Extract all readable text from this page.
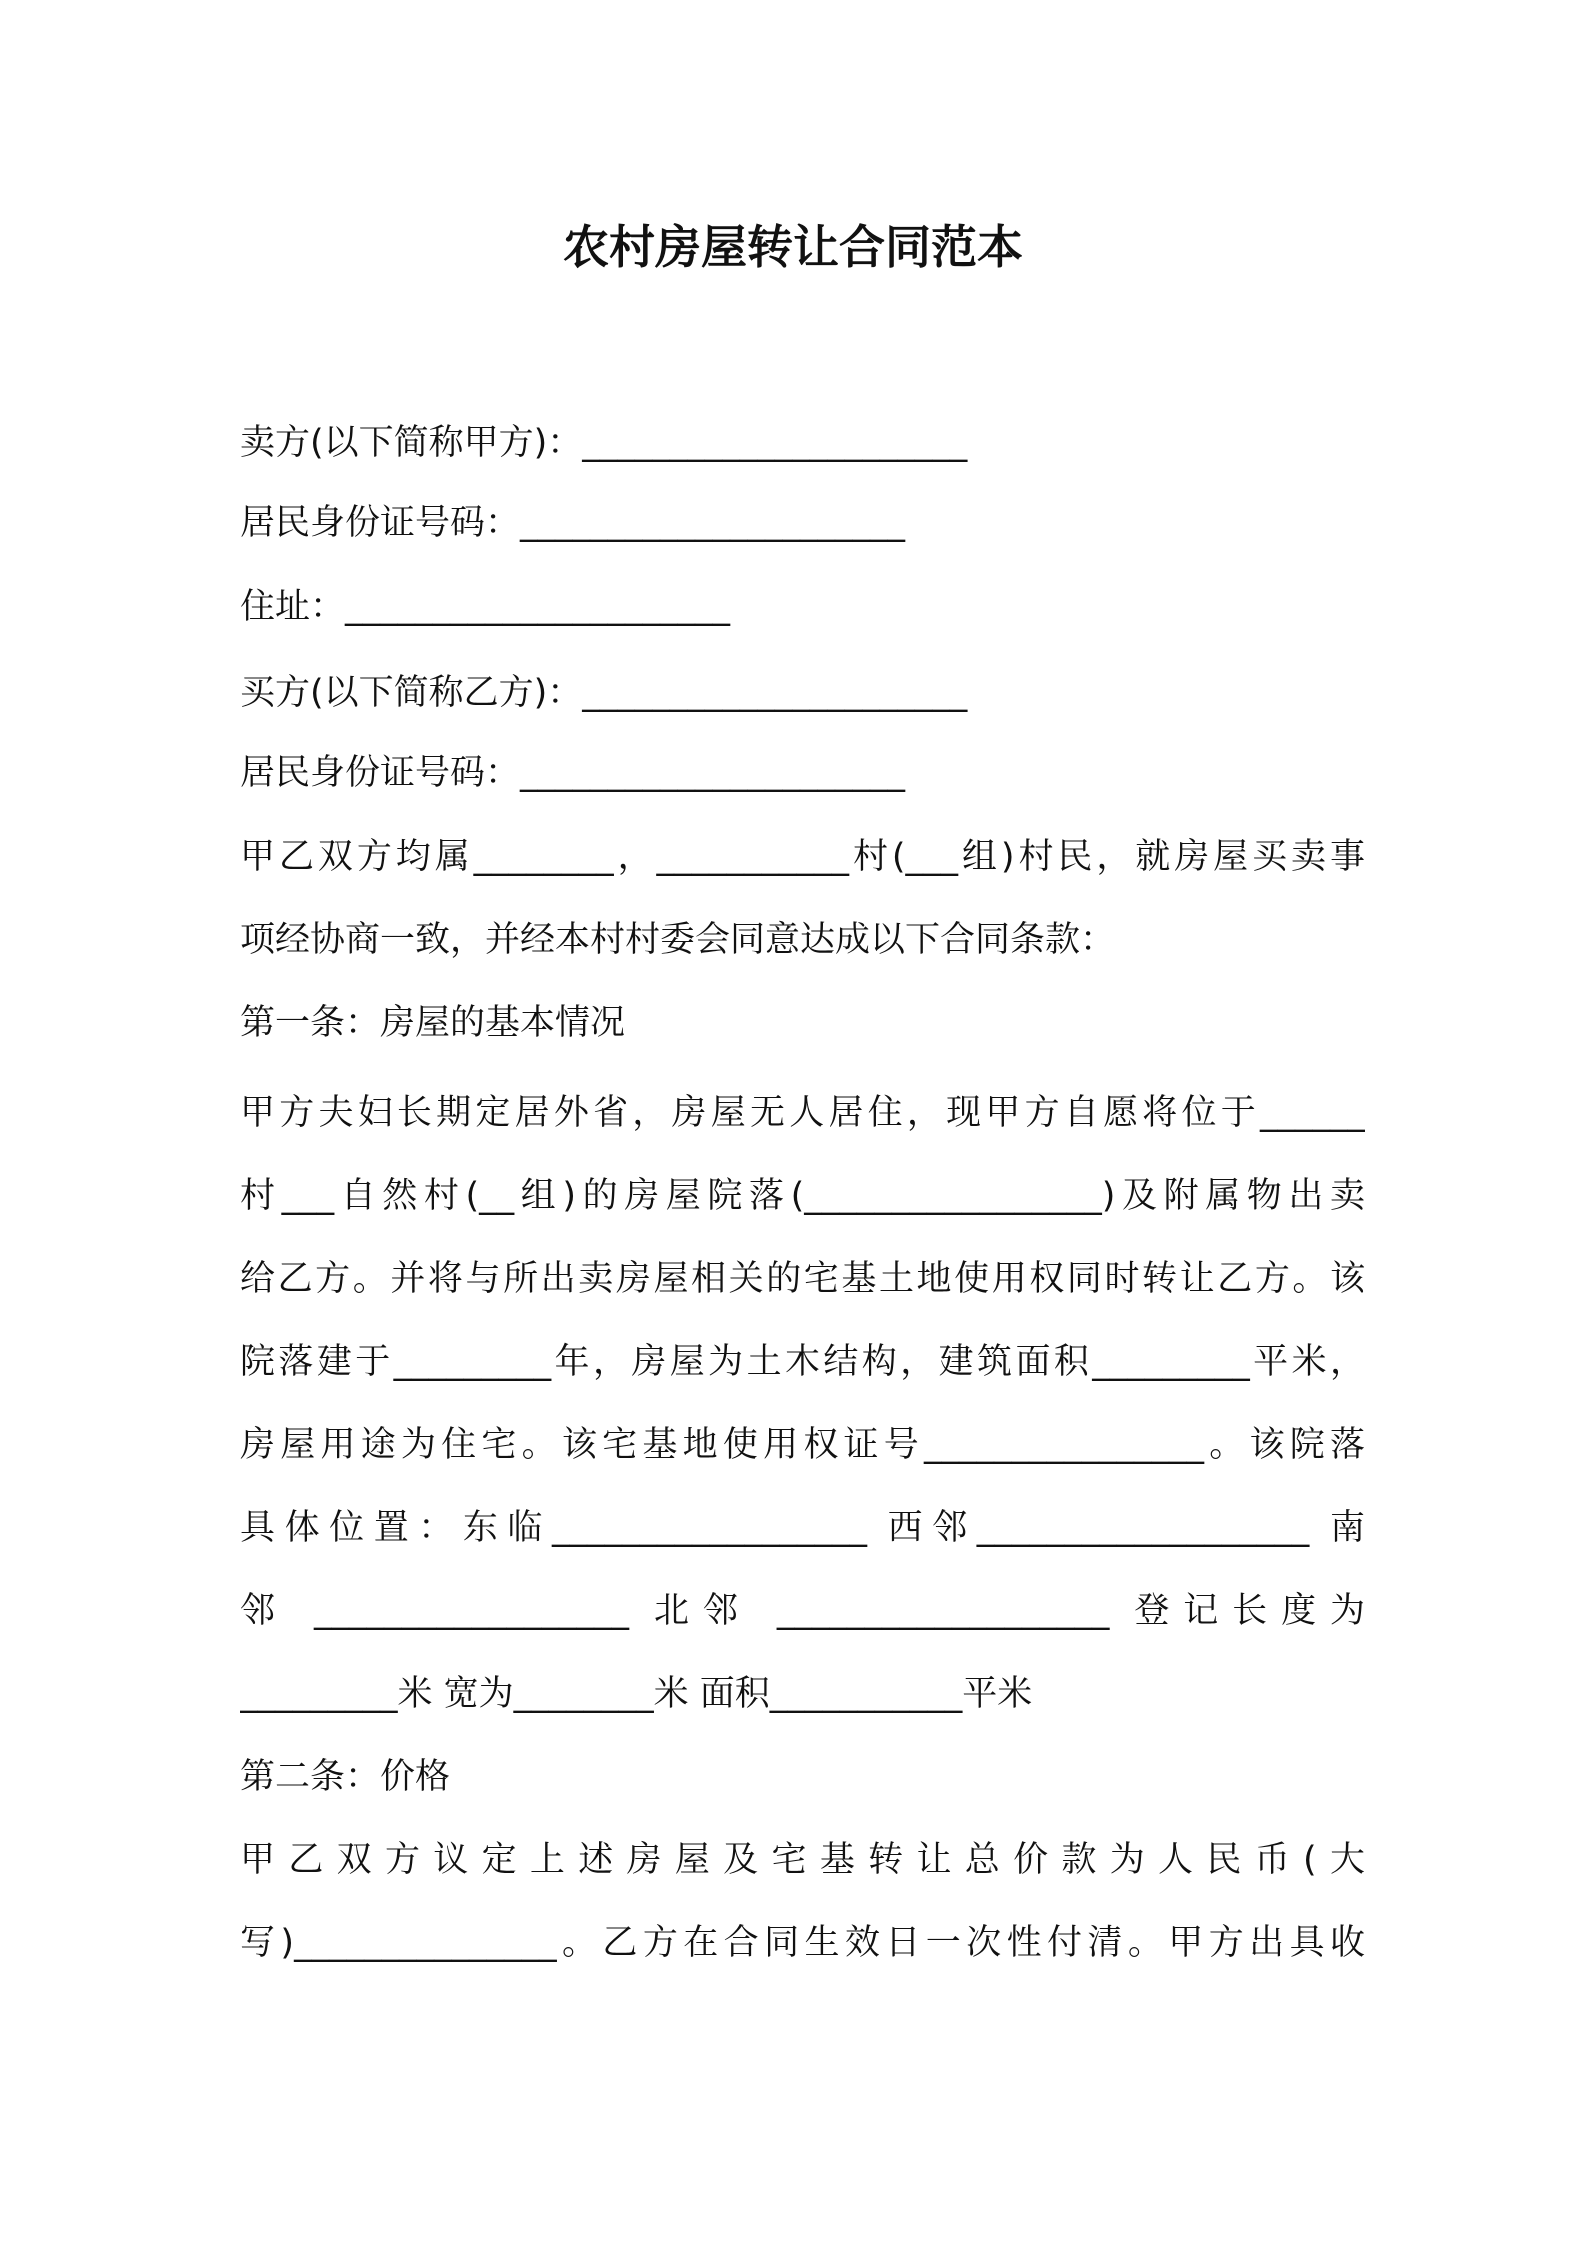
农村房屋转让合同范本
卖方(以下简称甲方)：______________________
居民身份证号码：______________________
住址：______________________
买方(以下简称乙方)：______________________
居民身份证号码：______________________
甲乙双方均属________，___________村(___组)村民，就房屋买卖事
项经协商一致，并经本村村委会同意达成以下合同条款：
第一条：房屋的基本情况
甲方夫妇长期定居外省，房屋无人居住，现甲方自愿将位于______
村___自然村(__组)的房屋院落(_________________)及附属物出卖
给乙方。并将与所出卖房屋相关的宅基土地使用权同时转让乙方。该
院落建于_________年，房屋为土木结构，建筑面积_________平米，
房屋用途为住宅。该宅基地使用权证号________________。该院落
具体位置：东临__________________ 西邻___________________ 南
邻 __________________ 北邻 ___________________ 登记长度为
_________米 宽为________米 面积___________平米
第二条：价格
甲乙双方议定上述房屋及宅基转让总价款为人民币(大
写)_______________。乙方在合同生效日一次性付清。甲方出具收
